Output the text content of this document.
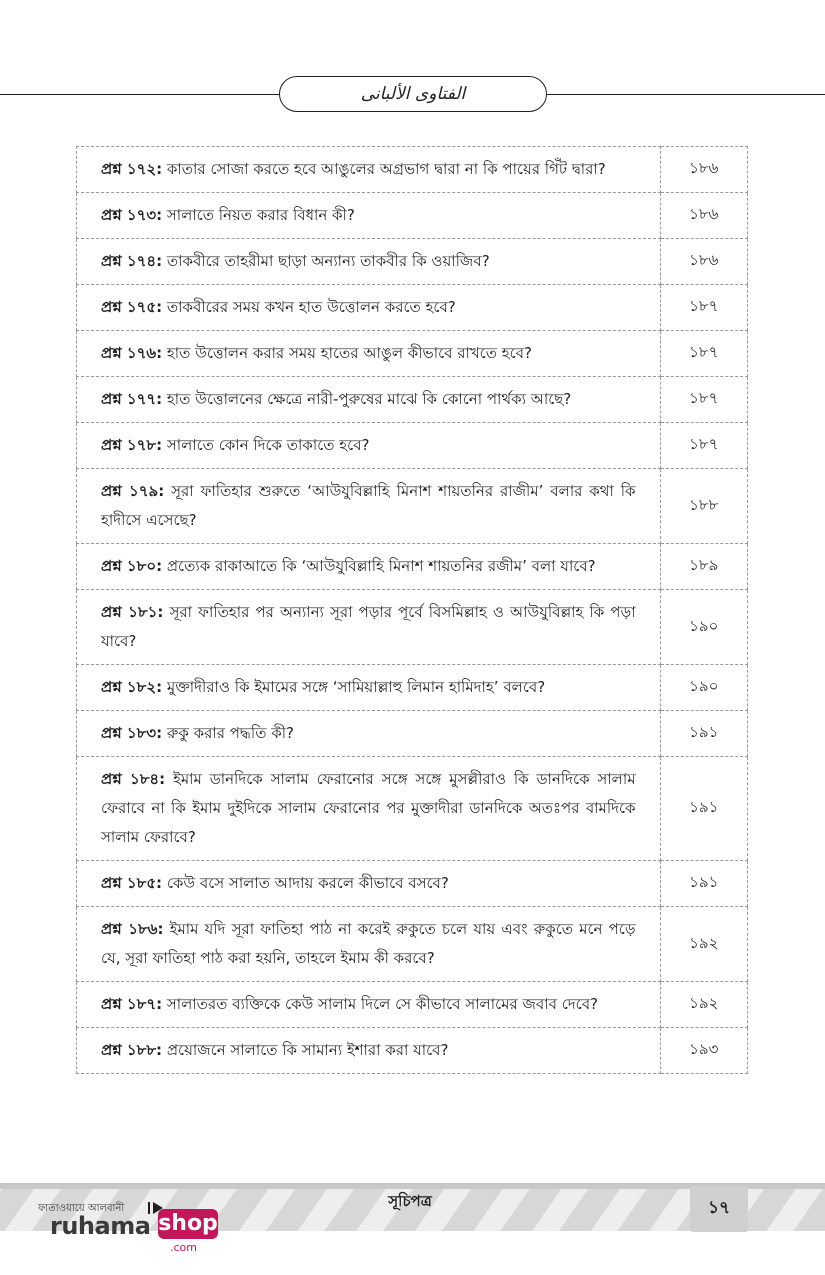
الفتاوى الألبانى
প্রশ্ন ১৭২: কাতার সোজা করতে হবে আঙুলের অগ্রভাগ দ্বারা না কি পায়ের গিঁট দ্বারা?	১৮৬
প্রশ্ন ১৭৩: সালাতে নিয়ত করার বিধান কী?	১৮৬
প্রশ্ন ১৭৪: তাকবীরে তাহরীমা ছাড়া অন্যান্য তাকবীর কি ওয়াজিব?	১৮৬
প্রশ্ন ১৭৫: তাকবীরের সময় কখন হাত উত্তোলন করতে হবে?	১৮৭
প্রশ্ন ১৭৬: হাত উত্তোলন করার সময় হাতের আঙুল কীভাবে রাখতে হবে?	১৮৭
প্রশ্ন ১৭৭: হাত উত্তোলনের ক্ষেত্রে নারী-পুরুষের মাঝে কি কোনো পার্থক্য আছে?	১৮৭
প্রশ্ন ১৭৮: সালাতে কোন দিকে তাকাতে হবে?	১৮৭
প্রশ্ন ১৭৯: সূরা ফাতিহার শুরুতে ‘আউযুবিল্লাহি মিনাশ শায়তনির রাজীম’ বলার কথা কি হাদীসে এসেছে?	১৮৮
প্রশ্ন ১৮০: প্রত্যেক রাকাআতে কি ‘আউযুবিল্লাহি মিনাশ শায়তনির রজীম’ বলা যাবে?	১৮৯
প্রশ্ন ১৮১: সূরা ফাতিহার পর অন্যান্য সূরা পড়ার পূর্বে বিসমিল্লাহ ও আউযুবিল্লাহ কি পড়া যাবে?	১৯০
প্রশ্ন ১৮২: মুক্তাদীরাও কি ইমামের সঙ্গে ‘সামিয়াল্লাহু লিমান হামিদাহ’ বলবে?	১৯০
প্রশ্ন ১৮৩: রুকু করার পদ্ধতি কী?	১৯১
প্রশ্ন ১৮৪: ইমাম ডানদিকে সালাম ফেরানোর সঙ্গে সঙ্গে মুসল্লীরাও কি ডানদিকে সালাম ফেরাবে না কি ইমাম দুইদিকে সালাম ফেরানোর পর মুক্তাদীরা ডানদিকে অতঃপর বামদিকে সালাম ফেরাবে?	১৯১
প্রশ্ন ১৮৫: কেউ বসে সালাত আদায় করলে কীভাবে বসবে?	১৯১
প্রশ্ন ১৮৬: ইমাম যদি সূরা ফাতিহা পাঠ না করেই রুকুতে চলে যায় এবং রুকুতে মনে পড়ে যে, সূরা ফাতিহা পাঠ করা হয়নি, তাহলে ইমাম কী করবে?	১৯২
প্রশ্ন ১৮৭: সালাতরত ব্যক্তিকে কেউ সালাম দিলে সে কীভাবে সালামের জবাব দেবে?	১৯২
প্রশ্ন ১৮৮: প্রয়োজনে সালাতে কি সামান্য ইশারা করা যাবে?	১৯৩
সূচিপত্র	১৭
ফাতাওয়ায়ে আলবানী
ruhama shop
.com
